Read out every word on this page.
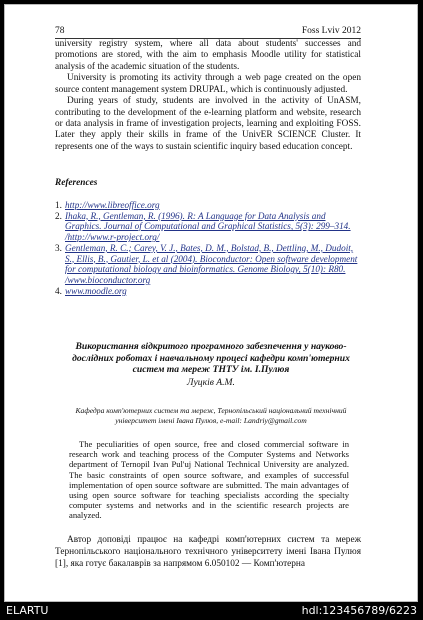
78	Foss Lviv 2012

university registry system, where all data about students' successes and promotions are stored, with the aim to emphasis Moodle utility for statistical analysis of the academic situation of the students.

University is promoting its activity through a web page created on the open source content management system DRUPAL, which is continuously adjusted.

During years of study, students are involved in the activity of UnASM, contributing to the development of the e-learning platform and website, research or data analysis in frame of investigation projects, learning and exploiting FOSS. Later they apply their skills in frame of the UnivER SCIENCE Cluster. It represents one of the ways to sustain scientific inquiry based education concept.

References
1. http://www.libreoffice.org
2. Ihaka, R., Gentleman, R. (1996). R: A Language for Data Analysis and Graphics. Journal of Computational and Graphical Statistics, 5(3): 299–314. /http://www.r-project.org/
3. Gentleman, R. C.; Carey, V. J., Bates, D. M., Bolstad, B., Dettling, M., Dudoit, S., Ellis, B., Gautier, L. et al (2004). Bioconductor: Open software development for computational biology and bioinformatics. Genome Biology, 5(10): R80. /www.bioconductor.org
4. www.moodle.org
Використання відкритого програмного забезпечення у науково-дослідних роботах і навчальному процесі кафедри комп'ютерних систем та мереж ТНТУ ім. І.Пулюя
Луцків А.М.
Кафедра комп'ютерних систем та мереж, Тернопільський національний технічний університет імені Івана Пулюя, e-mail: Landriy@gmail.com

The peculiarities of open source, free and closed commercial software in research work and teaching process of the Computer Systems and Networks department of Ternopil Ivan Pul'uj National Technical University are analyzed. The basic constraints of open source software, and examples of successful implementation of open source software are submitted. The main advantages of using open source software for teaching specialists according the specialty computer systems and networks and in the scientific research projects are analyzed.

Автор доповіді працює на кафедрі комп'ютерних систем та мереж Тернопільського національного технічного університету імені Івана Пулюя [1], яка готує бакалаврів за напрямом 6.050102 — Комп'ютерна

ELARTU	hdl:123456789/6223
